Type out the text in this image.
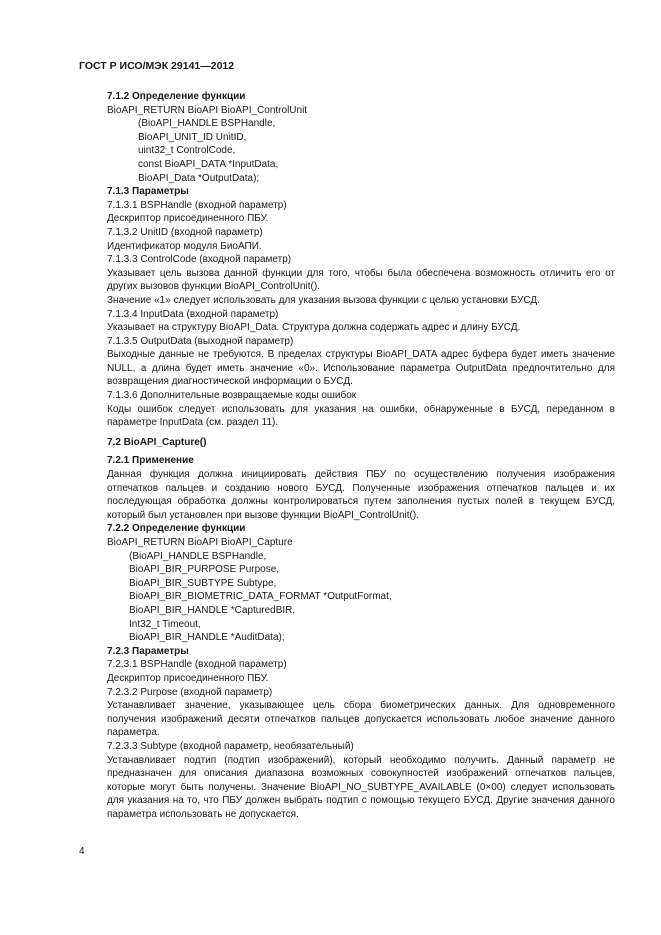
ГОСТ Р ИСО/МЭК 29141—2012
7.1.2 Определение функции
BioAPI_RETURN BioAPI BioAPI_ControlUnit
(BioAPI_HANDLE BSPHandle,
BioAPI_UNIT_ID UnitID,
uint32_t ControlCode,
const BioAPI_DATA *InputData,
BioAPI_Data *OutputData);
7.1.3 Параметры
7.1.3.1 BSPHandle (входной параметр)
Дескриптор присоединенного ПБУ.
7.1.3.2 UnitID (входной параметр)
Идентификатор модуля БиоАПИ.
7.1.3.3 ControlCode (входной параметр)
Указывает цель вызова данной функции для того, чтобы была обеспечена возможность отличить его от других вызовов функции BioAPI_ControlUnit().
Значение «1» следует использовать для указания вызова функции с целью установки БУСД.
7.1.3.4 InputData (входной параметр)
Указывает на структуру BioAPI_Data. Структура должна содержать адрес и длину БУСД.
7.1.3.5 OutputData (выходной параметр)
Выходные данные не требуются. В пределах структуры BioAPI_DATA адрес буфера будет иметь значение NULL, а длина будет иметь значение «0». Использование параметра OutputData предпочтительно для возвращения диагностической информации о БУСД.
7.1.3.6 Дополнительные возвращаемые коды ошибок
Коды ошибок следует использовать для указания на ошибки, обнаруженные в БУСД, переданном в параметре InputData (см. раздел 11).
7.2 BioAPI_Capture()
7.2.1 Применение
Данная функция должна инициировать действия ПБУ по осуществлению получения изображения отпечатков пальцев и созданию нового БУСД. Полученные изображения отпечатков пальцев и их последующая обработка должны контролироваться путем заполнения пустых полей в текущем БУСД, который был установлен при вызове функции BioAPI_ControlUnit().
7.2.2 Определение функции
BioAPI_RETURN BioAPI BioAPI_Capture
(BioAPI_HANDLE BSPHandle,
BioAPI_BIR_PURPOSE Purpose,
BioAPI_BIR_SUBTYPE Subtype,
BioAPI_BIR_BIOMETRIC_DATA_FORMAT *OutputFormat,
BioAPI_BIR_HANDLE *CapturedBIR,
Int32_t Timeout,
BioAPI_BIR_HANDLE *AuditData);
7.2.3 Параметры
7.2.3.1 BSPHandle (входной параметр)
Дескриптор присоединенного ПБУ.
7.2.3.2 Purpose (входной параметр)
Устанавливает значение, указывающее цель сбора биометрических данных. Для одновременного получения изображений десяти отпечатков пальцев допускается использовать любое значение данного параметра.
7.2.3.3 Subtype (входной параметр, необязательный)
Устанавливает подтип (подтип изображений), который необходимо получить. Данный параметр не предназначен для описания диапазона возможных совокупностей изображений отпечатков пальцев, которые могут быть получены. Значение BioAPI_NO_SUBTYPE_AVAILABLE (0×00) следует использовать для указания на то, что ПБУ должен выбрать подтип с помощью текущего БУСД. Другие значения данного параметра использовать не допускается.
4
